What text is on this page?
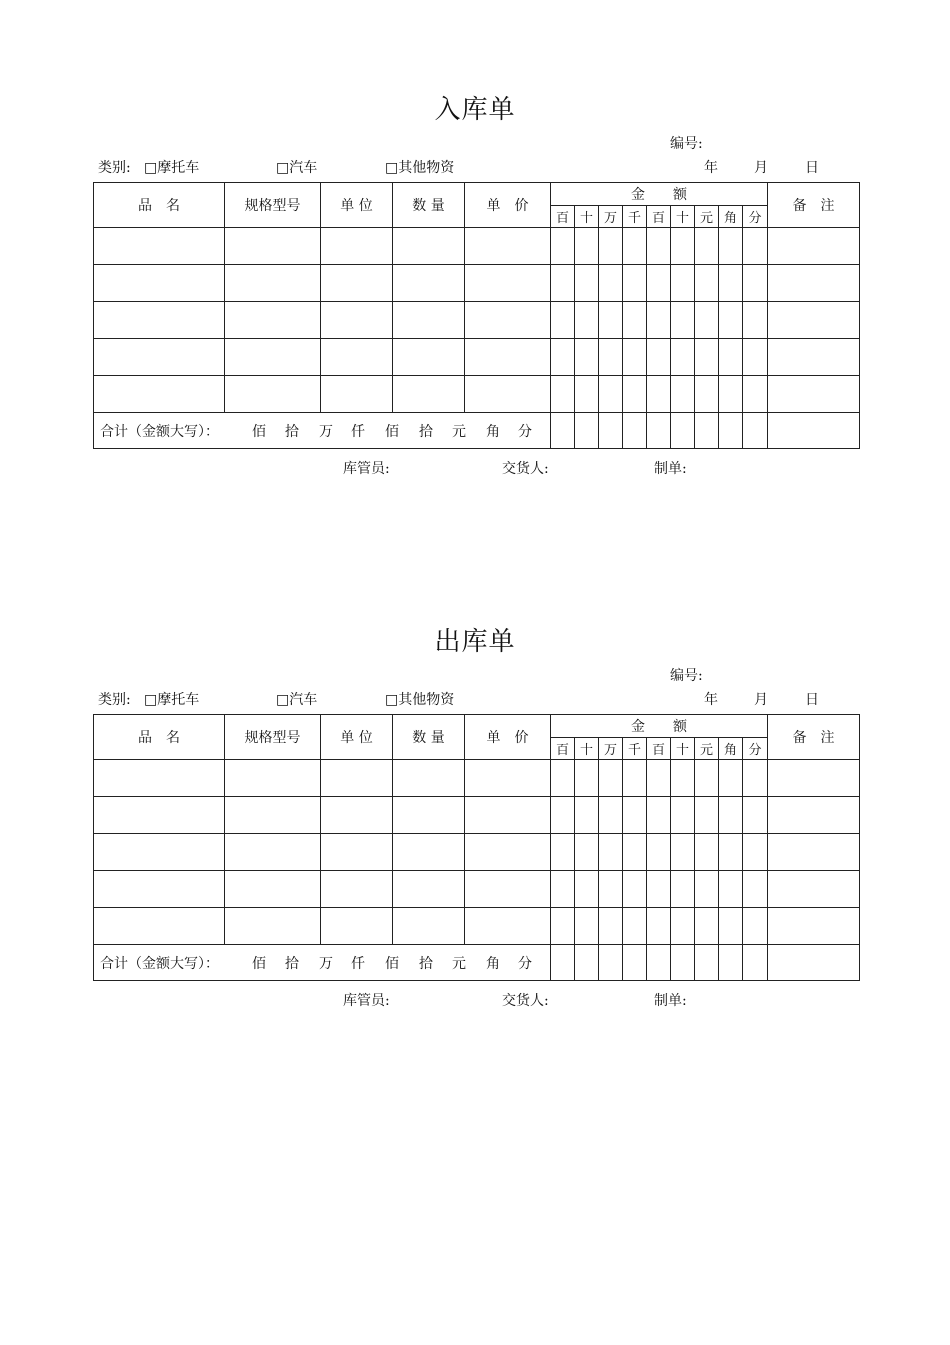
入库单
编号:
类别: □摩托车	□汽车	□其他物资	年	月	日
品　名	规格型号	单 位	数 量	单　价	金　　额									备　注
					百	十	万	千	百	十	元	角	分	

合计（金额大写）： 佰 拾 万 仟 佰 拾 元 角 分														
库管员:	交货人:	制单:
出库单
编号:
类别: □摩托车	□汽车	□其他物资	年	月	日
品　名	规格型号	单 位	数 量	单　价	金　　额									备　注
					百	十	万	千	百	十	元	角	分	

合计（金额大写）： 佰 拾 万 仟 佰 拾 元 角 分														
库管员:	交货人:	制单:
